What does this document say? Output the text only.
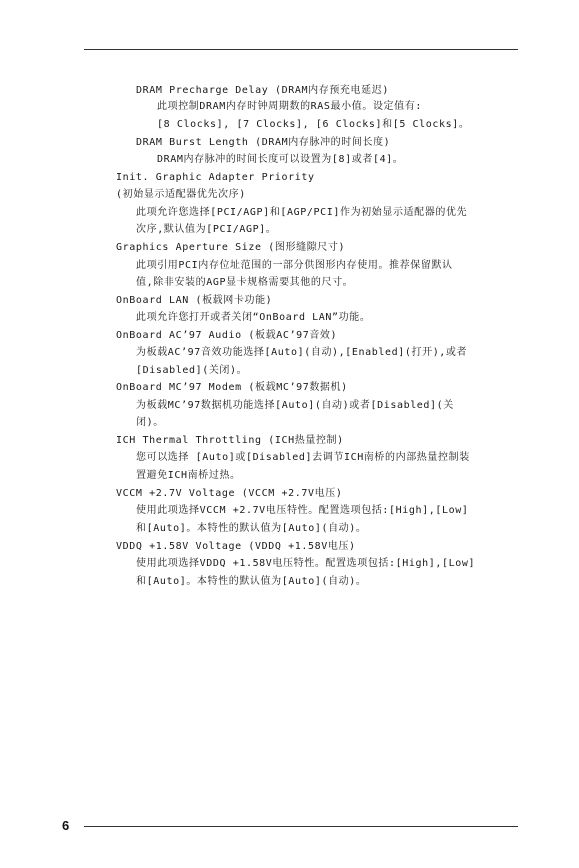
DRAM Precharge Delay (DRAM内存预充电延迟)
此项控制DRAM内存时钟周期数的RAS最小值。设定值有:
[8 Clocks], [7 Clocks], [6 Clocks]和[5 Clocks]。
DRAM Burst Length (DRAM内存脉冲的时间长度)
DRAM内存脉冲的时间长度可以设置为[8]或者[4]。
Init. Graphic Adapter Priority
(初始显示适配器优先次序)
此项允许您选择[PCI/AGP]和[AGP/PCI]作为初始显示适配器的优先
次序,默认值为[PCI/AGP]。
Graphics Aperture Size (图形缝隙尺寸)
此项引用PCI内存位址范围的一部分供图形内存使用。推荐保留默认
值,除非安装的AGP显卡规格需要其他的尺寸。
OnBoard LAN (板载网卡功能)
此项允许您打开或者关闭“OnBoard LAN”功能。
OnBoard AC’97 Audio (板载AC’97音效)
为板载AC’97音效功能选择[Auto](自动),[Enabled](打开),或者
[Disabled](关闭)。
OnBoard MC’97 Modem (板载MC’97数据机)
为板载MC’97数据机功能选择[Auto](自动)或者[Disabled](关
闭)。
ICH Thermal Throttling (ICH热量控制)
您可以选择 [Auto]或[Disabled]去调节ICH南桥的内部热量控制装
置避免ICH南桥过热。
VCCM +2.7V Voltage (VCCM +2.7V电压)
使用此项选择VCCM +2.7V电压特性。配置选项包括:[High],[Low]
和[Auto]。本特性的默认值为[Auto](自动)。
VDDQ +1.58V Voltage (VDDQ +1.58V电压)
使用此项选择VDDQ +1.58V电压特性。配置选项包括:[High],[Low]
和[Auto]。本特性的默认值为[Auto](自动)。
6
